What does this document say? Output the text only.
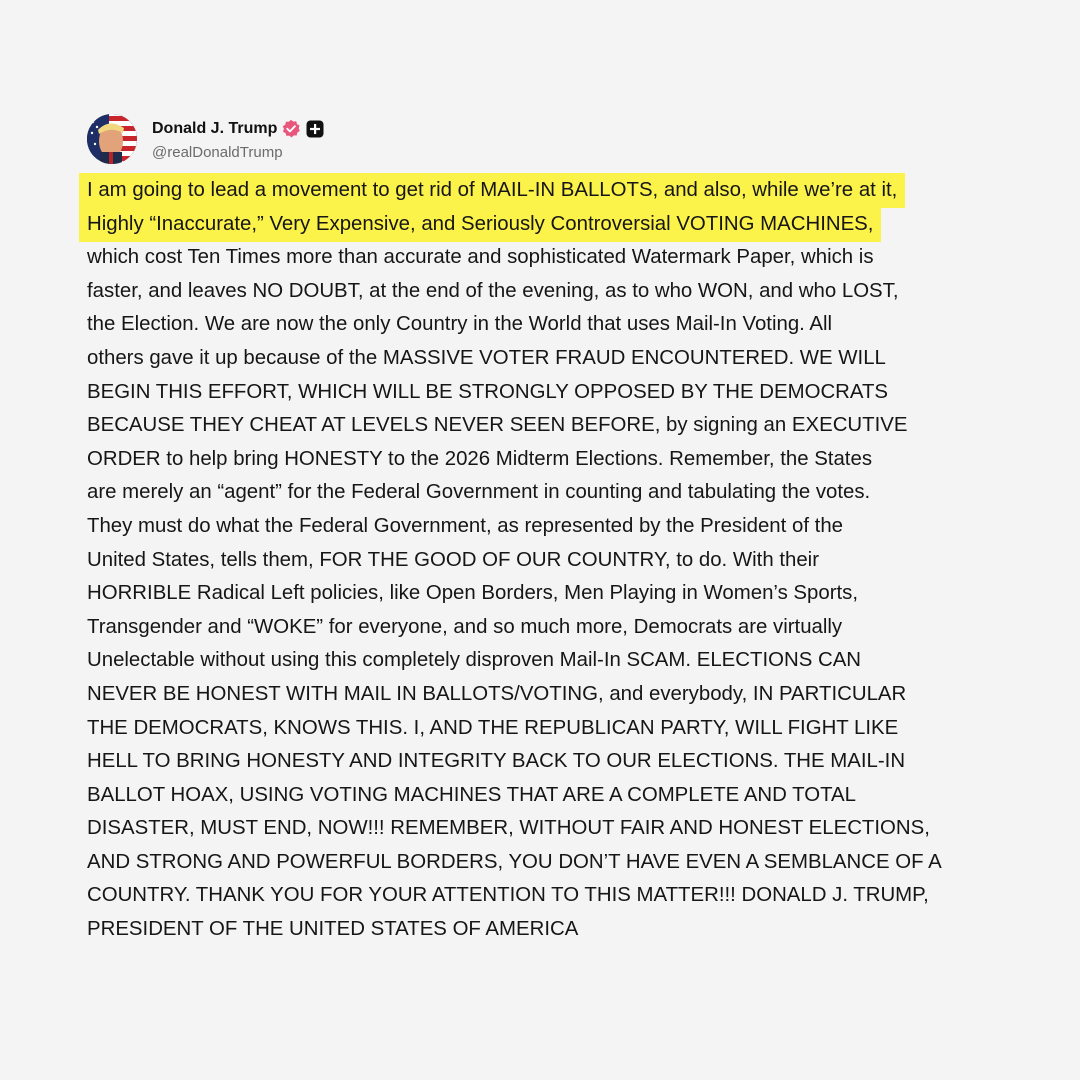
Donald J. Trump
@realDonaldTrump
I am going to lead a movement to get rid of MAIL-IN BALLOTS, and also, while we’re at it,
Highly “Inaccurate,” Very Expensive, and Seriously Controversial VOTING MACHINES,
which cost Ten Times more than accurate and sophisticated Watermark Paper, which is
faster, and leaves NO DOUBT, at the end of the evening, as to who WON, and who LOST,
the Election. We are now the only Country in the World that uses Mail-In Voting. All
others gave it up because of the MASSIVE VOTER FRAUD ENCOUNTERED. WE WILL
BEGIN THIS EFFORT, WHICH WILL BE STRONGLY OPPOSED BY THE DEMOCRATS
BECAUSE THEY CHEAT AT LEVELS NEVER SEEN BEFORE, by signing an EXECUTIVE
ORDER to help bring HONESTY to the 2026 Midterm Elections. Remember, the States
are merely an “agent” for the Federal Government in counting and tabulating the votes.
They must do what the Federal Government, as represented by the President of the
United States, tells them, FOR THE GOOD OF OUR COUNTRY, to do. With their
HORRIBLE Radical Left policies, like Open Borders, Men Playing in Women’s Sports,
Transgender and “WOKE” for everyone, and so much more, Democrats are virtually
Unelectable without using this completely disproven Mail-In SCAM. ELECTIONS CAN
NEVER BE HONEST WITH MAIL IN BALLOTS/VOTING, and everybody, IN PARTICULAR
THE DEMOCRATS, KNOWS THIS. I, AND THE REPUBLICAN PARTY, WILL FIGHT LIKE
HELL TO BRING HONESTY AND INTEGRITY BACK TO OUR ELECTIONS. THE MAIL-IN
BALLOT HOAX, USING VOTING MACHINES THAT ARE A COMPLETE AND TOTAL
DISASTER, MUST END, NOW!!! REMEMBER, WITHOUT FAIR AND HONEST ELECTIONS,
AND STRONG AND POWERFUL BORDERS, YOU DON’T HAVE EVEN A SEMBLANCE OF A
COUNTRY. THANK YOU FOR YOUR ATTENTION TO THIS MATTER!!! DONALD J. TRUMP,
PRESIDENT OF THE UNITED STATES OF AMERICA
